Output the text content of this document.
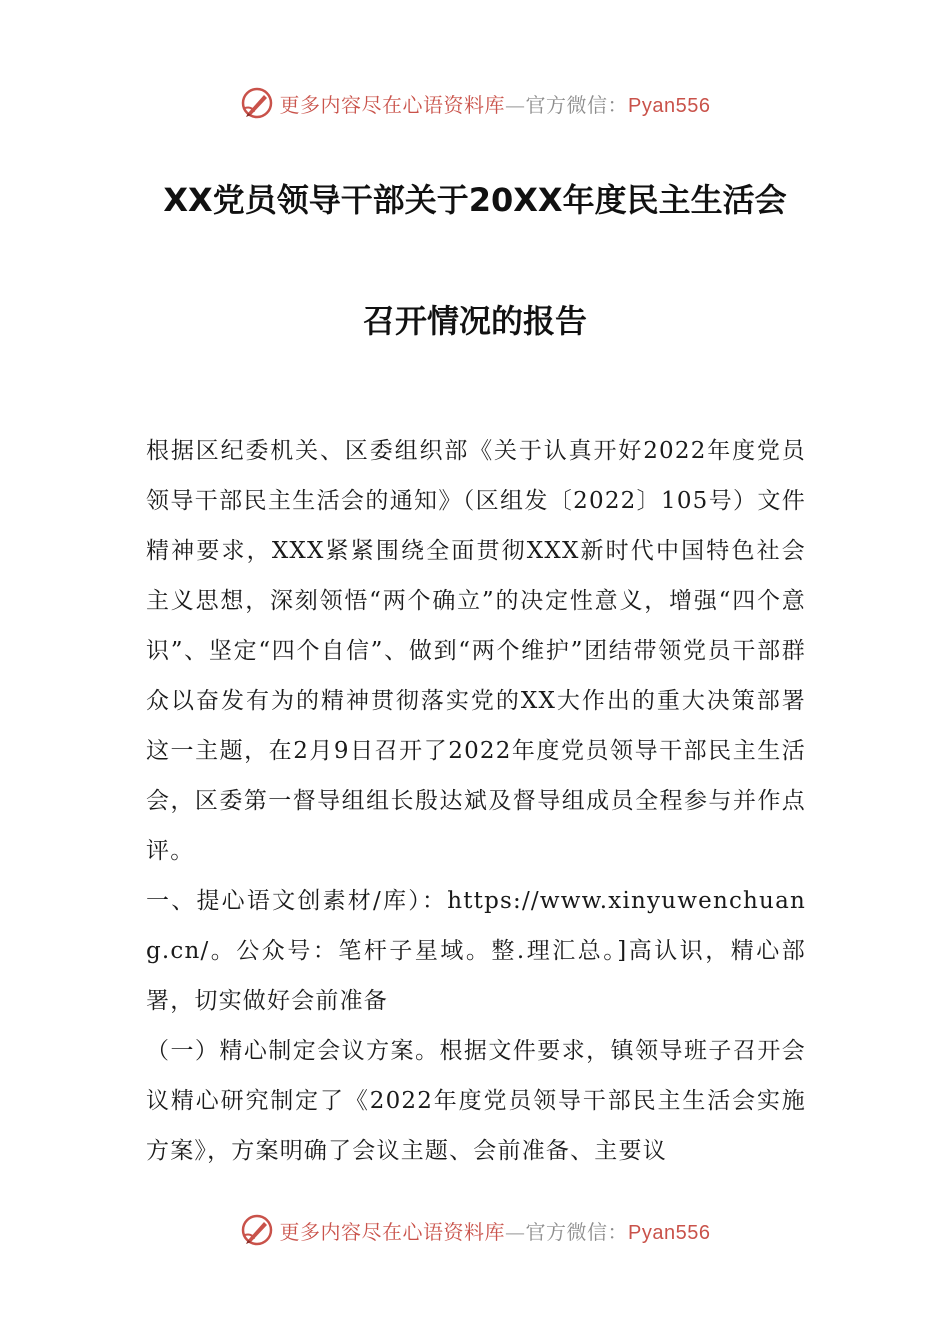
更多内容尽在心语资料库—官方微信：Pyan556
XX党员领导干部关于20XX年度民主生活会
召开情况的报告

根据区纪委机关、区委组织部《关于认真开好2022年度党员领导干部民主生活会的通知》（区组发〔2022〕105号）文件精神要求，XXX紧紧围绕全面贯彻XXX新时代中国特色社会主义思想，深刻领悟“两个确立”的决定性意义，增强“四个意识”、坚定“四个自信”、做到“两个维护”团结带领党员干部群众以奋发有为的精神贯彻落实党的XX大作出的重大决策部署这一主题，在2月9日召开了2022年度党员领导干部民主生活会，区委第一督导组组长殷达斌及督导组成员全程参与并作点评。

一、提心语文创素材/库）：https://www.xinyuwenchuang.cn/。公众号：笔杆子星域。整.理汇总。]高认识，精心部署，切实做好会前准备

（一）精心制定会议方案。根据文件要求，镇领导班子召开会议精心研究制定了《2022年度党员领导干部民主生活会实施方案》，方案明确了会议主题、会前准备、主要议

更多内容尽在心语资料库—官方微信：Pyan556
